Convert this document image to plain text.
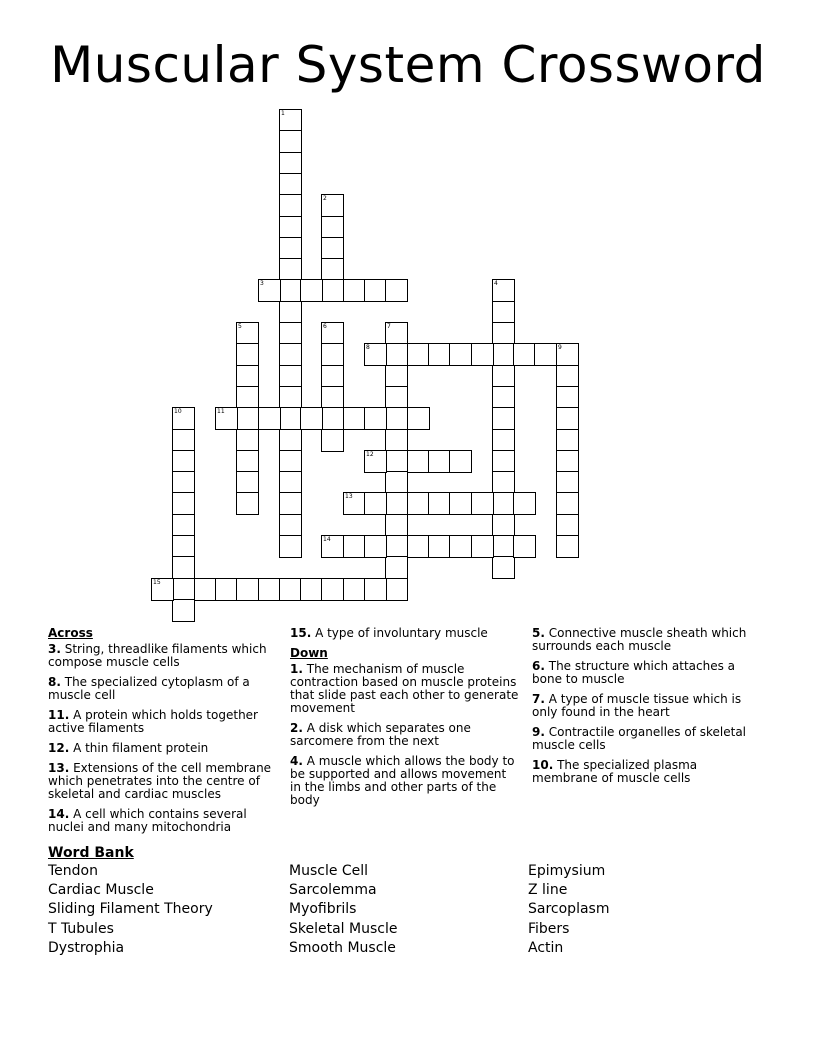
Muscular System Crossword
1
2
3	4
5	6	7
8	9
10	11
12
13
14
15
Across
3. String, threadlike filaments which compose muscle cells
8. The specialized cytoplasm of a muscle cell
11. A protein which holds together active filaments
12. A thin filament protein
13. Extensions of the cell membrane which penetrates into the centre of skeletal and cardiac muscles
14. A cell which contains several nuclei and many mitochondria
15. A type of involuntary muscle
Down
1. The mechanism of muscle contraction based on muscle proteins that slide past each other to generate movement
2. A disk which separates one sarcomere from the next
4. A muscle which allows the body to be supported and allows movement in the limbs and other parts of the body
5. Connective muscle sheath which surrounds each muscle
6. The structure which attaches a bone to muscle
7. A type of muscle tissue which is only found in the heart
9. Contractile organelles of skeletal muscle cells
10. The specialized plasma membrane of muscle cells
Word Bank
Tendon
Cardiac Muscle
Sliding Filament Theory
T Tubules
Dystrophia
Muscle Cell
Sarcolemma
Myofibrils
Skeletal Muscle
Smooth Muscle
Epimysium
Z line
Sarcoplasm
Fibers
Actin
